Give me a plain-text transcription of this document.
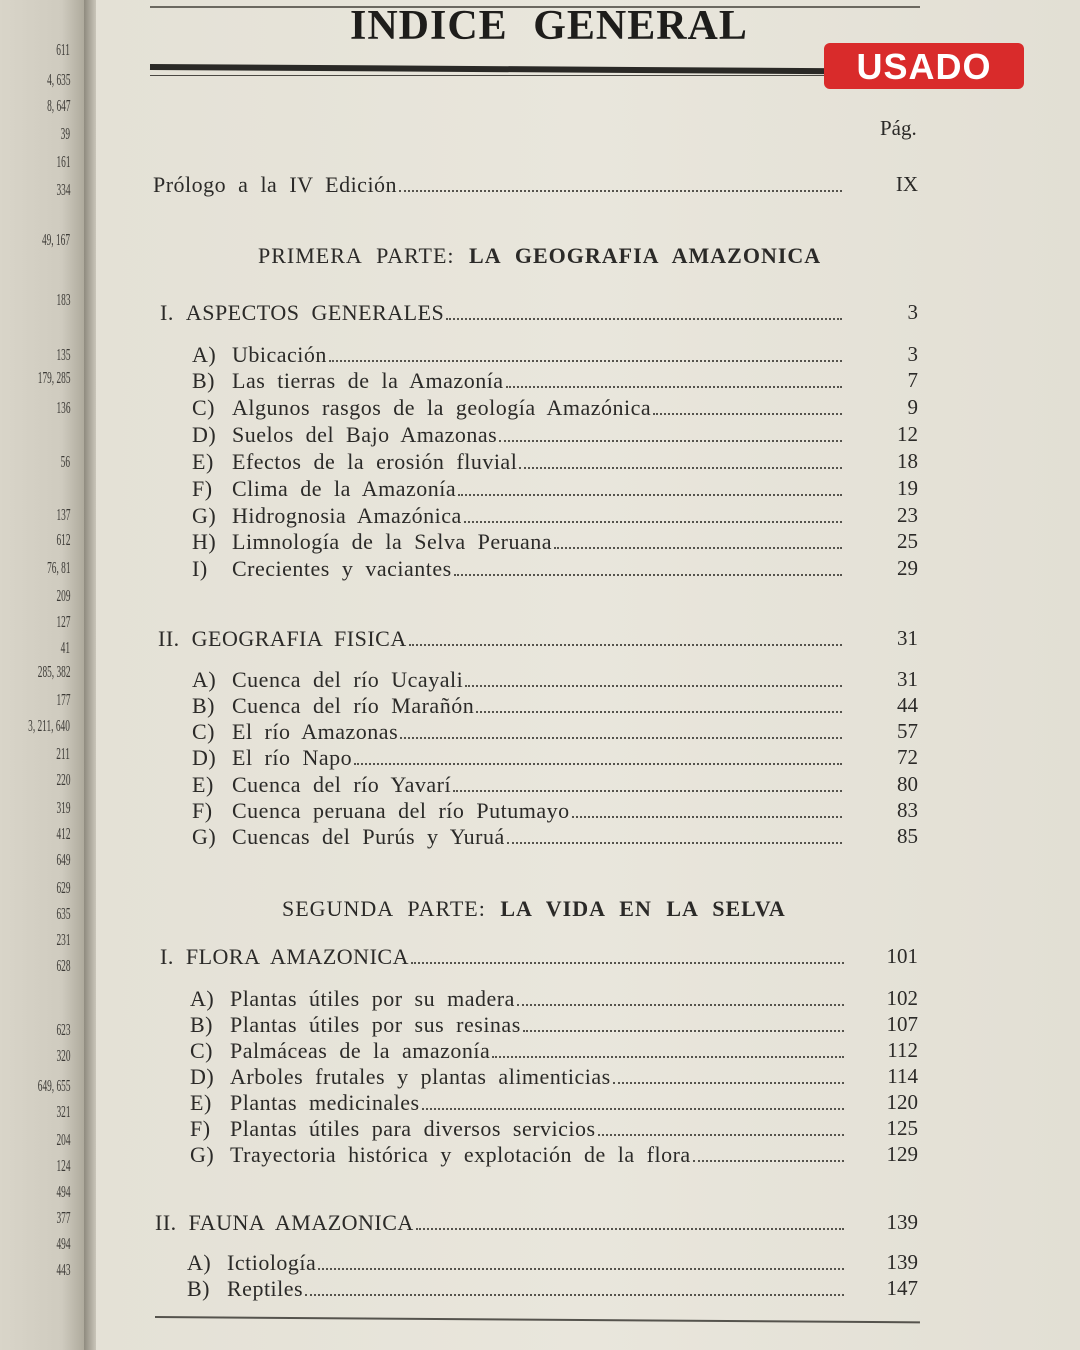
611
4, 635
8, 647
39
161
334
49, 167
183
135
179, 285
136
56
137
612
76, 81
209
127
41
285, 382
177
3, 211, 640
211
220
319
412
649
629
635
231
628
623
320
649, 655
321
204
124
494
377
494
443
INDICE GENERAL
USADO
Pág.
Prólogo a la IV Edición	IX
PRIMERA PARTE: LA GEOGRAFIA AMAZONICA
I. ASPECTOS GENERALES	3
A) Ubicación	3
B) Las tierras de la Amazonía	7
C) Algunos rasgos de la geología Amazónica	9
D) Suelos del Bajo Amazonas	12
E) Efectos de la erosión fluvial	18
F) Clima de la Amazonía	19
G) Hidrognosia Amazónica	23
H) Limnología de la Selva Peruana	25
I)	Crecientes y vaciantes	29
II. GEOGRAFIA FISICA	31
A) Cuenca del río Ucayali	31
B) Cuenca del río Marañón	44
C) El río Amazonas	57
D) El río Napo	72
E) Cuenca del río Yavarí	80
F) Cuenca peruana del río Putumayo	83
G) Cuencas del Purús y Yuruá	85
I. FLORA AMAZONICA	101
A) Plantas útiles por su madera	102
B) Plantas útiles por sus resinas	107
C) Palmáceas de la amazonía	112
D) Arboles frutales y plantas alimenticias	114
E) Plantas medicinales	120
F) Plantas útiles para diversos servicios	125
G) Trayectoria histórica y explotación de la flora	129
II. FAUNA AMAZONICA	139
A) Ictiología	139
B) Reptiles	147
SEGUNDA PARTE: LA VIDA EN LA SELVA
